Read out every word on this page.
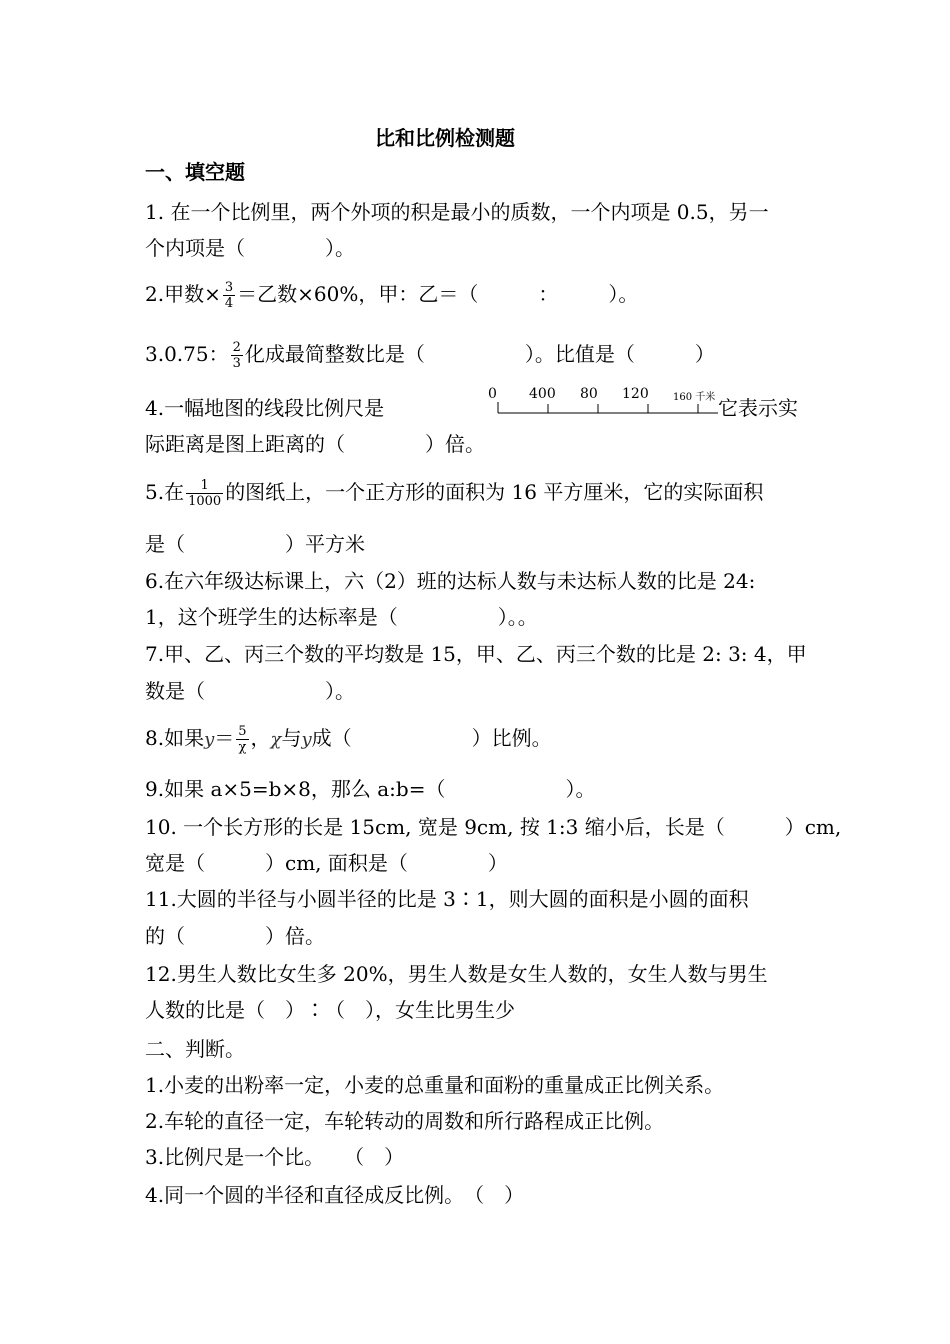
比和比例检测题
一、填空题
1. 在一个比例里，两个外项的积是最小的质数，一个内项是 0.5，另一
个内项是（　　　　）。
2.甲数× $\frac{3}{4}$ ＝乙数×60%，甲：乙＝（　　　：　　　）。
3.0.75： $\frac{2}{3}$ 化成最简整数比是（　　　　　）。比值是（　　　）
4.一幅地图的线段比例尺是
0 400 80 120 160 千米 它表示实
际距离是图上距离的（　　　　）倍。
5.在 $\frac{1}{1000}$ 的图纸上，一个正方形的面积为 16 平方厘米，它的实际面积
是（　　　　　）平方米
6.在六年级达标课上，六（2）班的达标人数与未达标人数的比是 24:
1，这个班学生的达标率是（　　　　　）。。
7.甲、乙、丙三个数的平均数是 15，甲、乙、丙三个数的比是 2: 3: 4，甲
数是（　　　　　　）。
8.如果$y= \frac{5}{\chi}$ ，χ与y成（　　　　　　）比例。
9.如果 a×5=b×8，那么 a:b=（　　　　　　）。
10. 一个长方形的长是 15cm, 宽是 9cm, 按 1:3 缩小后，长是（　　　）cm,
宽是（　　　）cm, 面积是（　　　　）
11.大圆的半径与小圆半径的比是 3∶1，则大圆的面积是小圆的面积
的（　　　　）倍。
12.男生人数比女生多 20%，男生人数是女生人数的，女生人数与男生
人数的比是（　）∶（　），女生比男生少
二、判断。
1.小麦的出粉率一定，小麦的总重量和面粉的重量成正比例关系。
2.车轮的直径一定，车轮转动的周数和所行路程成正比例。
3.比例尺是一个比。　　（　）
4.同一个圆的半径和直径成反比例。　（　）
